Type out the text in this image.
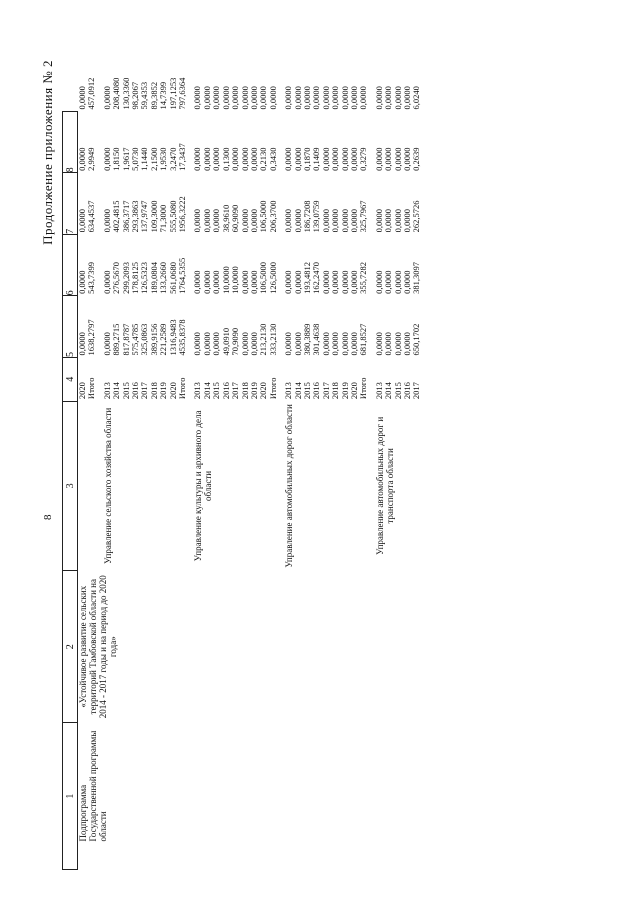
8
Продолжение приложения № 2
1	2	3	4	5	6	7	8	
Подпрограмма Государственной программы области	«Устойчивое развитие сельских территорий Тамбовской области на 2014 - 2017 годы и на период до 2020 года»		2020	0,0000	0,0000	0,0000	0,0000	0,0000
			Итого	1638,2797	543,7399	634,4537	2,9949	457,0912

		Управление сельского хозяйства области	2013	0,0000	0,0000	0,0000	0,0000	0,0000
			2014	889,2715	276,5670	402,4815	1,8150	208,4080
			2015	817,8787	299,2093	386,3717	1,9617	130,3360
			2016	575,4785	178,8125	293,3863	5,0730	98,2067
			2017	325,0863	126,5323	137,9747	1,1440	59,4353
			2018	389,9156	189,0804	109,3000	2,1500	89,3852
			2019	221,2589	133,2660	71,3000	1,9530	14,7399
			2020	1316,9483	561,0680	555,5080	3,2470	197,1253
			Итого	4535,8378	1764,5355	1956,3222	17,3437	797,6364

		Управление культуры и архивного дела области	2013	0,0000	0,0000	0,0000	0,0000	0,0000
			2014	0,0000	0,0000	0,0000	0,0000	0,0000
			2015	0,0000	0,0000	0,0000	0,0000	0,0000
			2016	49,0910	10,0000	38,9610	0,1300	0,0000
			2017	70,9090	10,0000	60,9090	0,0000	0,0000
			2018	0,0000	0,0000	0,0000	0,0000	0,0000
			2019	0,0000	0,0000	0,0000	0,0000	0,0000
			2020	213,2130	106,5000	106,5000	0,2130	0,0000
			Итого	333,2130	126,5000	206,3700	0,3430	0,0000

		Управление автомобильных дорог области	2013	0,0000	0,0000	0,0000	0,0000	0,0000
			2014	0,0000	0,0000	0,0000	0,0000	0,0000
			2015	380,3889	193,4812	186,7208	0,1870	0,0000
			2016	301,4638	162,2470	139,0759	0,1409	0,0000
			2017	0,0000	0,0000	0,0000	0,0000	0,0000
			2018	0,0000	0,0000	0,0000	0,0000	0,0000
			2019	0,0000	0,0000	0,0000	0,0000	0,0000
			2020	0,0000	0,0000	0,0000	0,0000	0,0000
			Итого	681,8527	355,7282	325,7967	0,3279	0,0000

		Управление автомобильных дорог и транспорта области	2013	0,0000	0,0000	0,0000	0,0000	0,0000
			2014	0,0000	0,0000	0,0000	0,0000	0,0000
			2015	0,0000	0,0000	0,0000	0,0000	0,0000
			2016	0,0000	0,0000	0,0000	0,0000	0,0000
			2017	650,1702	381,3097	262,5726	0,2639	6,0240
